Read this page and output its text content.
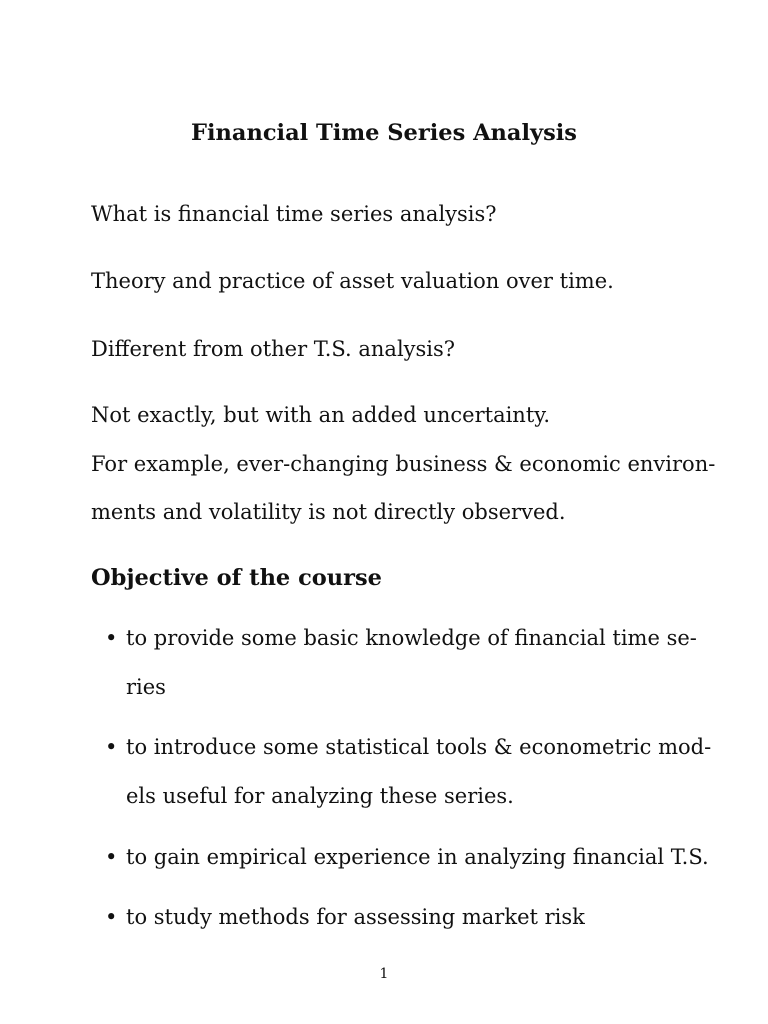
Financial Time Series Analysis
What is financial time series analysis?
Theory and practice of asset valuation over time.
Different from other T.S. analysis?
Not exactly, but with an added uncertainty.
For example, ever-changing business & economic environ-
ments and volatility is not directly observed.
Objective of the course
• to provide some basic knowledge of financial time se-
ries
• to introduce some statistical tools & econometric mod-
els useful for analyzing these series.
• to gain empirical experience in analyzing financial T.S.
• to study methods for assessing market risk
1
